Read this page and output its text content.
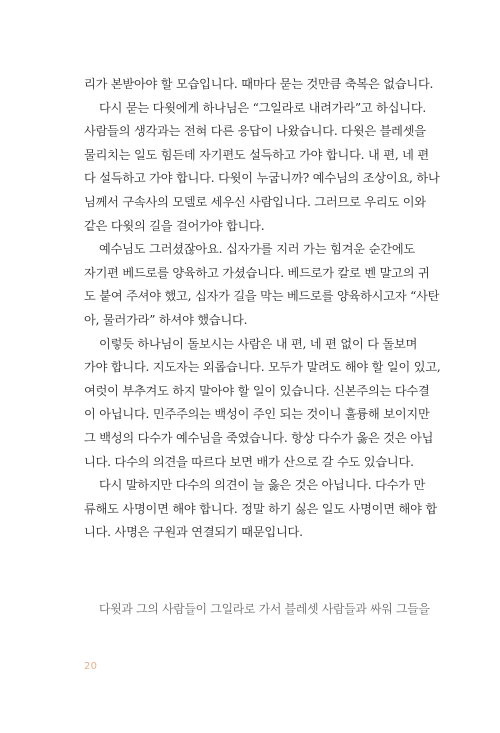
리가 본받아야 할 모습입니다. 때마다 묻는 것만큼 축복은 없습니다.
다시 묻는 다윗에게 하나님은 “그일라로 내려가라”고 하십니다.
사람들의 생각과는 전혀 다른 응답이 나왔습니다. 다윗은 블레셋을
물리치는 일도 힘든데 자기편도 설득하고 가야 합니다. 내 편, 네 편
다 설득하고 가야 합니다. 다윗이 누굽니까? 예수님의 조상이요, 하나
님께서 구속사의 모델로 세우신 사람입니다. 그러므로 우리도 이와
같은 다윗의 길을 걸어가야 합니다.
예수님도 그러셨잖아요. 십자가를 지러 가는 힘겨운 순간에도
자기편 베드로를 양육하고 가셨습니다. 베드로가 칼로 벤 말고의 귀
도 붙여 주셔야 했고, 십자가 길을 막는 베드로를 양육하시고자 “사탄
아, 물러가라” 하셔야 했습니다.
이렇듯 하나님이 돌보시는 사람은 내 편, 네 편 없이 다 돌보며
가야 합니다. 지도자는 외롭습니다. 모두가 말려도 해야 할 일이 있고,
여럿이 부추겨도 하지 말아야 할 일이 있습니다. 신본주의는 다수결
이 아닙니다. 민주주의는 백성이 주인 되는 것이니 훌륭해 보이지만
그 백성의 다수가 예수님을 죽였습니다. 항상 다수가 옳은 것은 아닙
니다. 다수의 의견을 따르다 보면 배가 산으로 갈 수도 있습니다.
다시 말하지만 다수의 의견이 늘 옳은 것은 아닙니다. 다수가 만
류해도 사명이면 해야 합니다. 정말 하기 싫은 일도 사명이면 해야 합
니다. 사명은 구원과 연결되기 때문입니다.
다윗과 그의 사람들이 그일라로 가서 블레셋 사람들과 싸워 그들을
20
